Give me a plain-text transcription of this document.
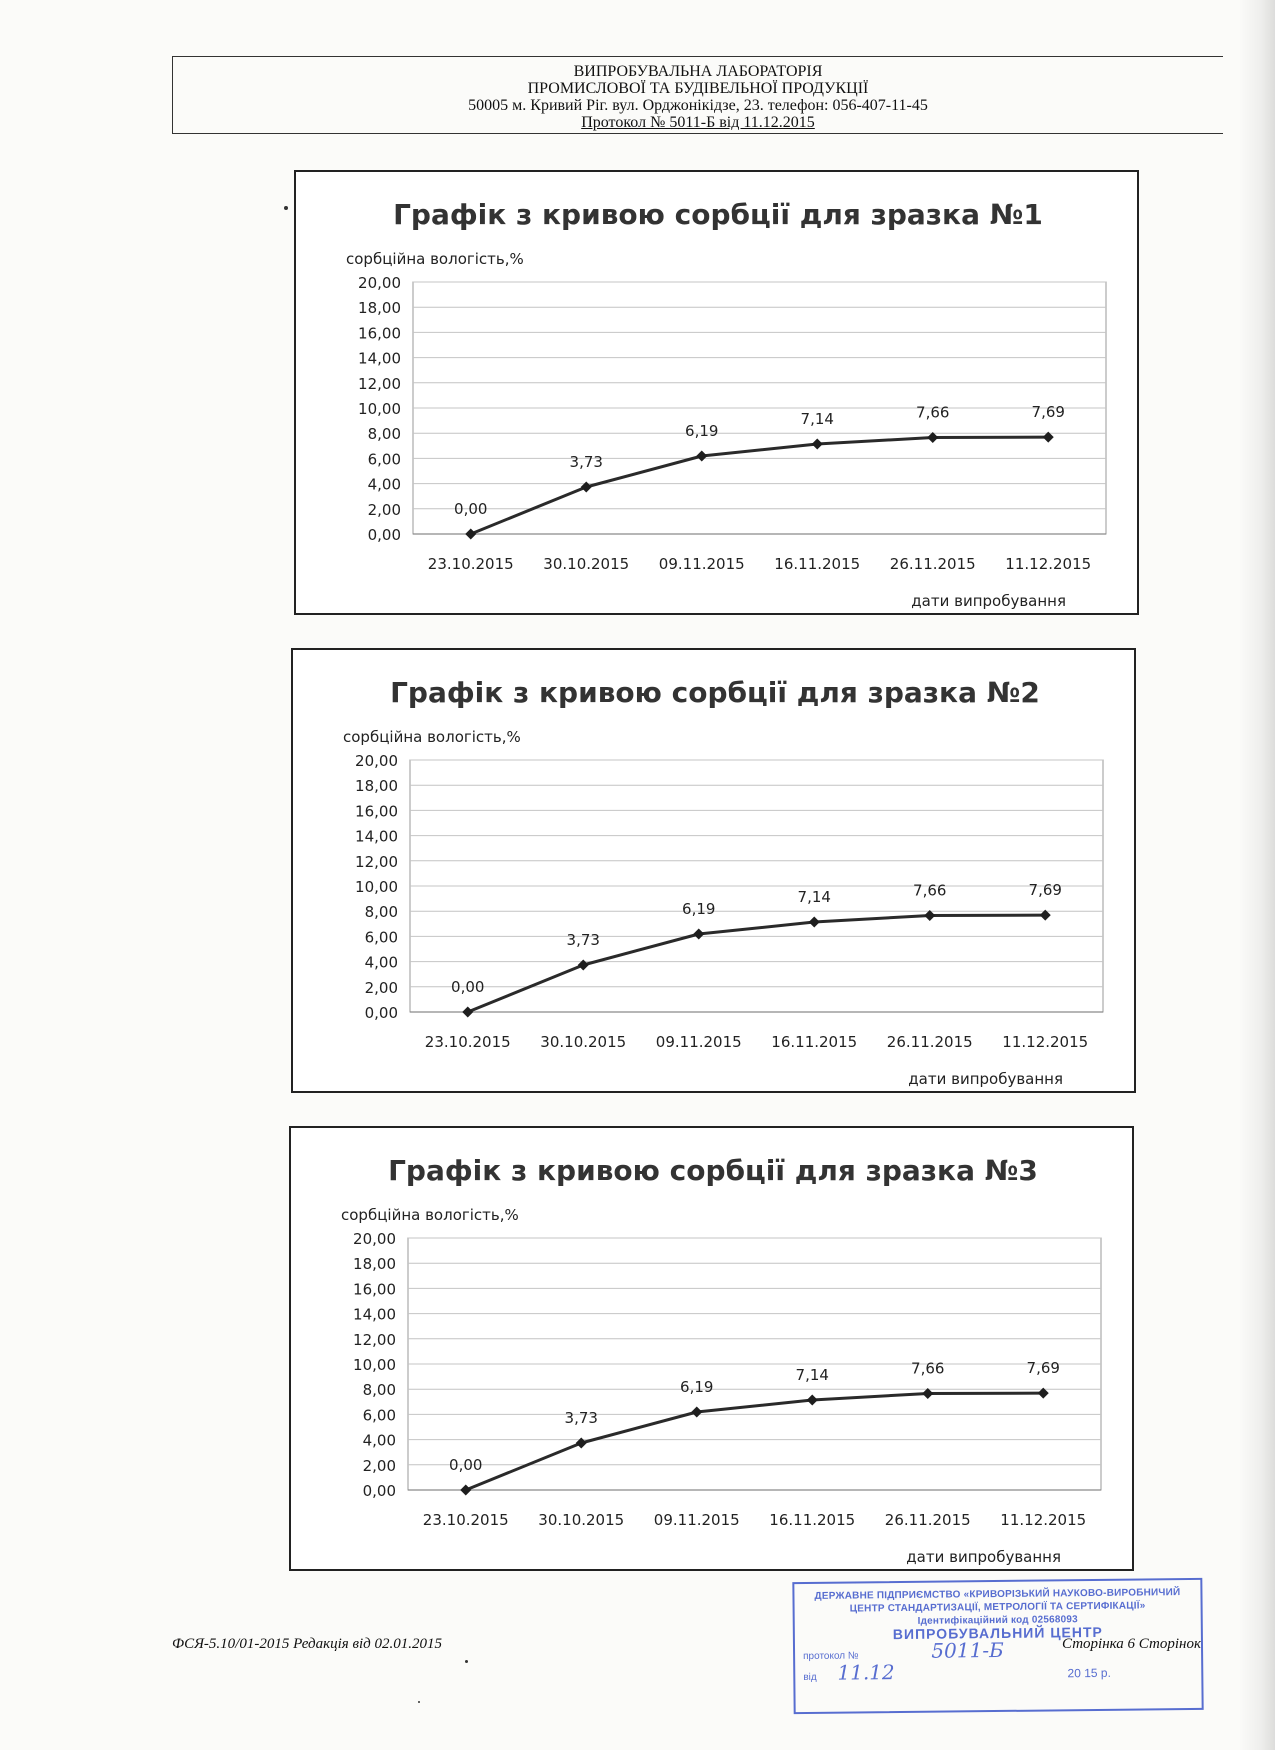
ВИПРОБУВАЛЬНА ЛАБОРАТОРІЯ
ПРОМИСЛОВОЇ ТА БУДІВЕЛЬНОЇ ПРОДУКЦІЇ
50005 м. Кривий Ріг. вул. Орджонікідзе, 23. телефон: 056-407-11-45
Протокол № 5011-Б від 11.12.2015
0,00
2,00
4,00
6,00
8,00
10,00
12,00
14,00
16,00
18,00
20,00
23.10.2015 30.10.2015 09.11.2015 16.11.2015 26.11.2015 11.12.2015
Графік з кривою сорбції для зразка №1
сорбційна вологість,%
дати випробування
0,00
3,73
6,19
7,14	7,66	7,69
0,00
2,00
4,00
6,00
8,00
10,00
12,00
14,00
16,00
18,00
20,00
23.10.2015 30.10.2015 09.11.2015 16.11.2015 26.11.2015 11.12.2015
Графік з кривою сорбції для зразка №2
сорбційна вологість,%
дати випробування
0,00
3,73
6,19
7,14	7,66	7,69
0,00
2,00
4,00
6,00
8,00
10,00
12,00
14,00
16,00
18,00
20,00
23.10.2015 30.10.2015 09.11.2015 16.11.2015 26.11.2015 11.12.2015
Графік з кривою сорбції для зразка №3
сорбційна вологість,%
дати випробування
0,00
3,73
6,19
7,14	7,66	7,69
ФСЯ-5.10/01-2015 Редакція від 02.01.2015	Сторінка 6 Сторінок
ДЕРЖАВНЕ ПІДПРИЄМСТВО «КРИВОРІЗЬКИЙ НАУКОВО-ВИРОБНИЧИЙ
ЦЕНТР СТАНДАРТИЗАЦІЇ, МЕТРОЛОГІЇ ТА СЕРТИФІКАЦІЇ»
Ідентифікаційний код 02568093
ВИПРОБУВАЛЬНИЙ ЦЕНТР
протокол №	5011-Б
від 11.12	20 15 р.
